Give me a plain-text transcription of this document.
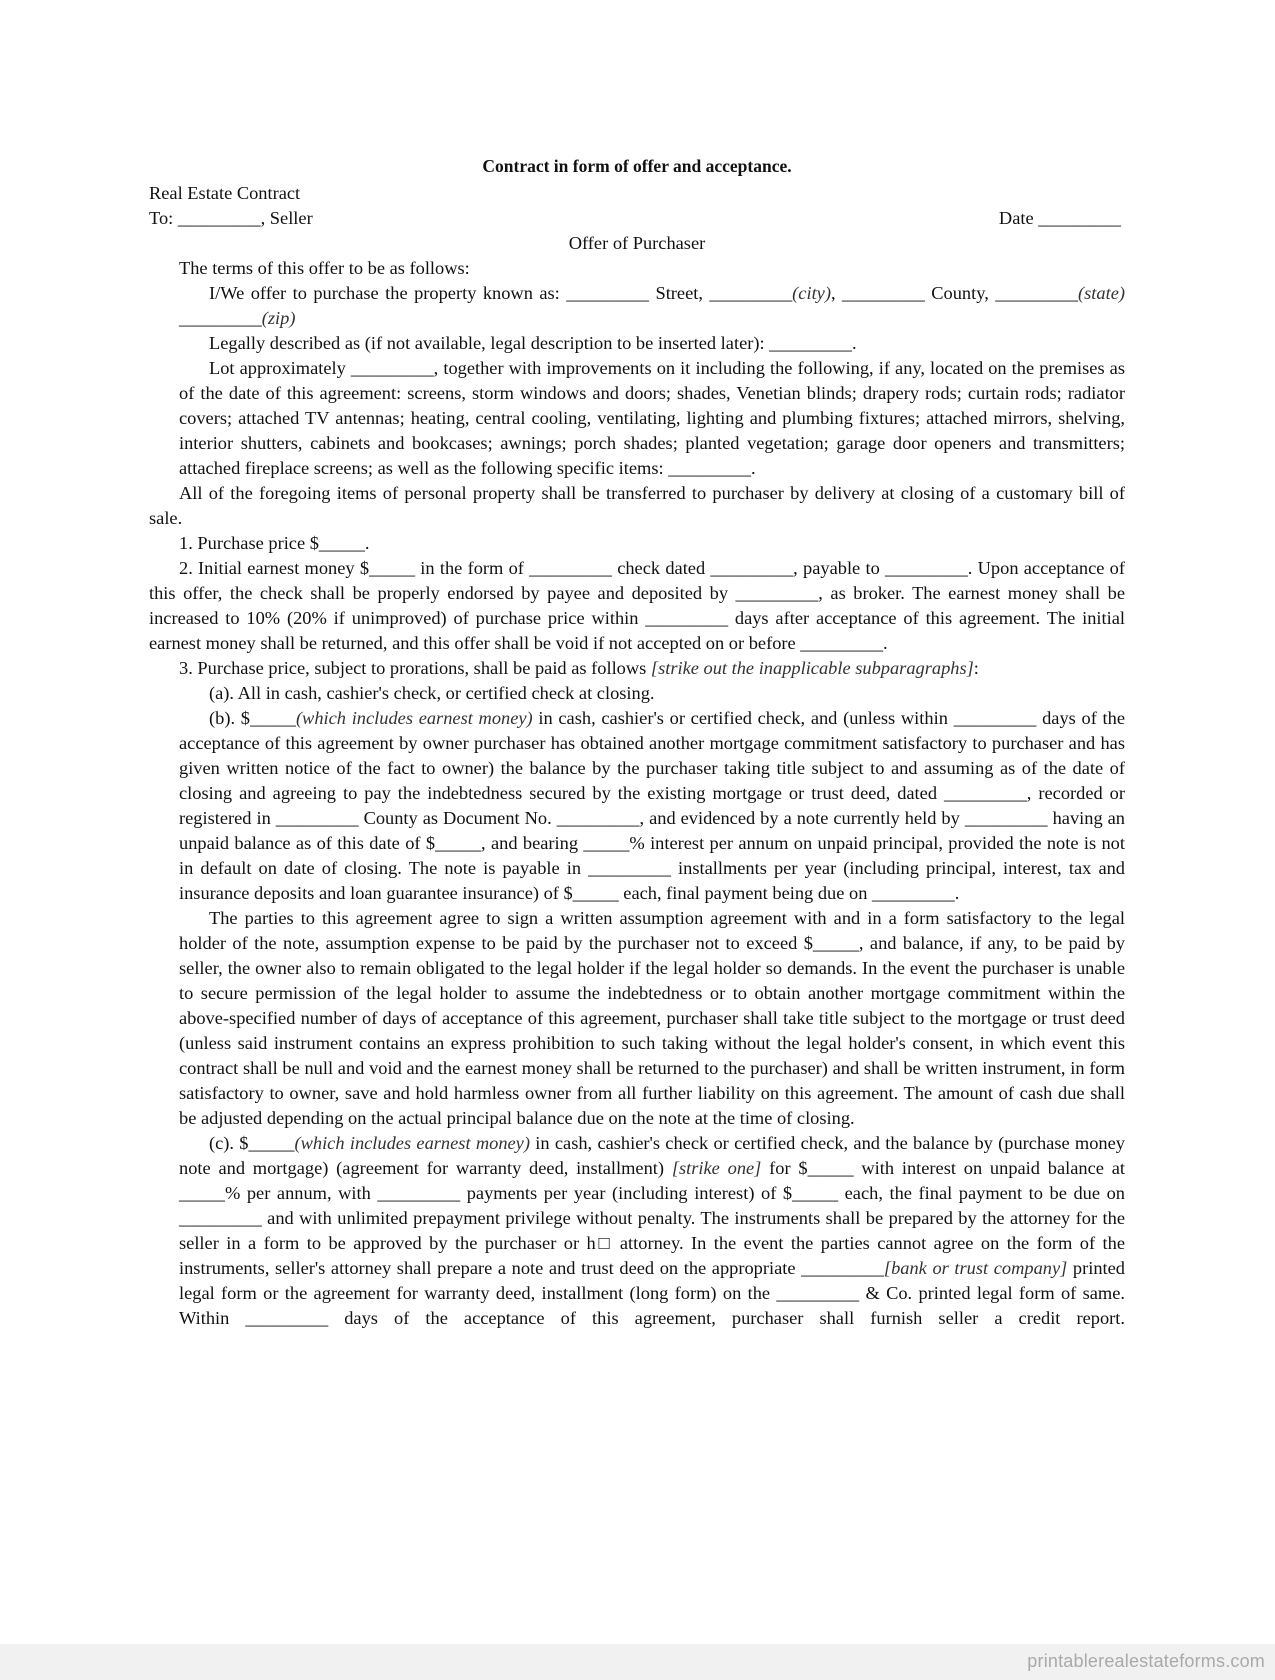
Contract in form of offer and acceptance.

Real Estate Contract

To: _________, Seller	Date _________

Offer of Purchaser

The terms of this offer to be as follows:

I/We offer to purchase the property known as: _________ Street, _________(city), _________ County, _________(state) _________(zip)

Legally described as (if not available, legal description to be inserted later): _________.

Lot approximately _________, together with improvements on it including the following, if any, located on the premises as of the date of this agreement: screens, storm windows and doors; shades, Venetian blinds; drapery rods; curtain rods; radiator covers; attached TV antennas; heating, central cooling, ventilating, lighting and plumbing fixtures; attached mirrors, shelving, interior shutters, cabinets and bookcases; awnings; porch shades; planted vegetation; garage door openers and transmitters; attached fireplace screens; as well as the following specific items: _________.

All of the foregoing items of personal property shall be transferred to purchaser by delivery at closing of a customary bill of sale.

1. Purchase price $_____.

2. Initial earnest money $_____ in the form of _________ check dated _________, payable to _________. Upon acceptance of this offer, the check shall be properly endorsed by payee and deposited by _________, as broker. The earnest money shall be increased to 10% (20% if unimproved) of purchase price within _________ days after acceptance of this agreement. The initial earnest money shall be returned, and this offer shall be void if not accepted on or before _________.

3. Purchase price, subject to prorations, shall be paid as follows [strike out the inapplicable subparagraphs]:

(a). All in cash, cashier's check, or certified check at closing.

(b). $_____(which includes earnest money) in cash, cashier's or certified check, and (unless within _________ days of the acceptance of this agreement by owner purchaser has obtained another mortgage commitment satisfactory to purchaser and has given written notice of the fact to owner) the balance by the purchaser taking title subject to and assuming as of the date of closing and agreeing to pay the indebtedness secured by the existing mortgage or trust deed, dated _________, recorded or registered in _________ County as Document No. _________, and evidenced by a note currently held by _________ having an unpaid balance as of this date of $_____, and bearing _____% interest per annum on unpaid principal, provided the note is not in default on date of closing. The note is payable in _________ installments per year (including principal, interest, tax and insurance deposits and loan guarantee insurance) of $_____ each, final payment being due on _________.

The parties to this agreement agree to sign a written assumption agreement with and in a form satisfactory to the legal holder of the note, assumption expense to be paid by the purchaser not to exceed $_____, and balance, if any, to be paid by seller, the owner also to remain obligated to the legal holder if the legal holder so demands. In the event the purchaser is unable to secure permission of the legal holder to assume the indebtedness or to obtain another mortgage commitment within the above-specified number of days of acceptance of this agreement, purchaser shall take title subject to the mortgage or trust deed (unless said instrument contains an express prohibition to such taking without the legal holder's consent, in which event this contract shall be null and void and the earnest money shall be returned to the purchaser) and shall be written instrument, in form satisfactory to owner, save and hold harmless owner from all further liability on this agreement. The amount of cash due shall be adjusted depending on the actual principal balance due on the note at the time of closing.

(c). $_____(which includes earnest money) in cash, cashier's check or certified check, and the balance by (purchase money note and mortgage) (agreement for warranty deed, installment) [strike one] for $_____ with interest on unpaid balance at _____% per annum, with _________ payments per year (including interest) of $_____ each, the final payment to be due on _________ and with unlimited prepayment privilege without penalty. The instruments shall be prepared by the attorney for the seller in a form to be approved by the purchaser or h□ attorney. In the event the parties cannot agree on the form of the instruments, seller's attorney shall prepare a note and trust deed on the appropriate _________[bank or trust company] printed legal form or the agreement for warranty deed, installment (long form) on the _________ & Co. printed legal form of same. Within _________ days of the acceptance of this agreement, purchaser shall furnish seller a credit report.

printablerealestateforms.com
